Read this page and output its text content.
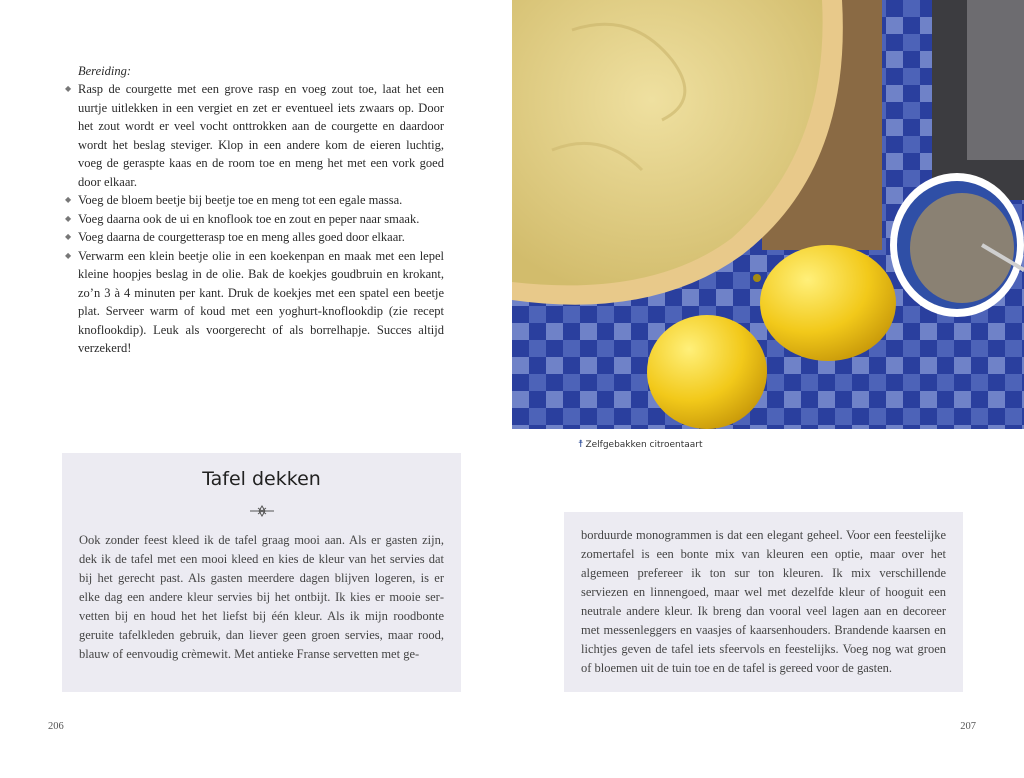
Bereiding:

◆ Rasp de courgette met een grove rasp en voeg zout toe, laat het een uurtje uitlekken in een vergiet en zet er eventueel iets zwaars op. Door het zout wordt er veel vocht onttrokken aan de courgette en daardoor wordt het beslag steviger. Klop in een andere kom de eieren luchtig, voeg de geraspte kaas en de room toe en meng het met een vork goed door elkaar.
◆ Voeg de bloem beetje bij beetje toe en meng tot een egale massa.
◆ Voeg daarna ook de ui en knoflook toe en zout en peper naar smaak.
◆ Voeg daarna de courgetterasp toe en meng alles goed door elkaar.
◆ Verwarm een klein beetje olie in een koekenpan en maak met een lepel kleine hoopjes beslag in de olie. Bak de koekjes goudbruin en krokant, zo’n 3 à 4 minuten per kant. Druk de koekjes met een spatel een beetje plat. Serveer warm of koud met een yoghurt-knoflookdip (zie recept knoflookdip). Leuk als voorgerecht of als borrelhapje. Succes altijd verzekerd!
Tafel dekken

Ook zonder feest kleed ik de tafel graag mooi aan. Als er gasten zijn, dek ik de tafel met een mooi kleed en kies de kleur van het servies dat bij het gerecht past. Als gasten meerdere dagen blijven logeren, is er elke dag een andere kleur servies bij het ontbijt. Ik kies er mooie servetten bij en houd het het liefst bij één kleur. Als ik mijn roodbonte geruite tafelkleden gebruik, dan liever geen groen servies, maar rood, blauw of eenvoudig crèmewit. Met antieke Franse servetten met ge-

206
☨ Zelfgebakken citroentaart

borduurde monogrammen is dat een elegant geheel. Voor een feestelijke zomertafel is een bonte mix van kleuren een optie, maar over het algemeen prefereer ik ton sur ton kleuren. Ik mix verschillende serviezen en linnengoed, maar wel met dezelfde kleur of hooguit een neutrale andere kleur. Ik breng dan vooral veel lagen aan en decoreer met messenleggers en vaasjes of kaarsenhouders. Brandende kaarsen en lichtjes geven de tafel iets sfeervols en feestelijks. Voeg nog wat groen of bloemen uit de tuin toe en de tafel is gereed voor de gasten.

207
